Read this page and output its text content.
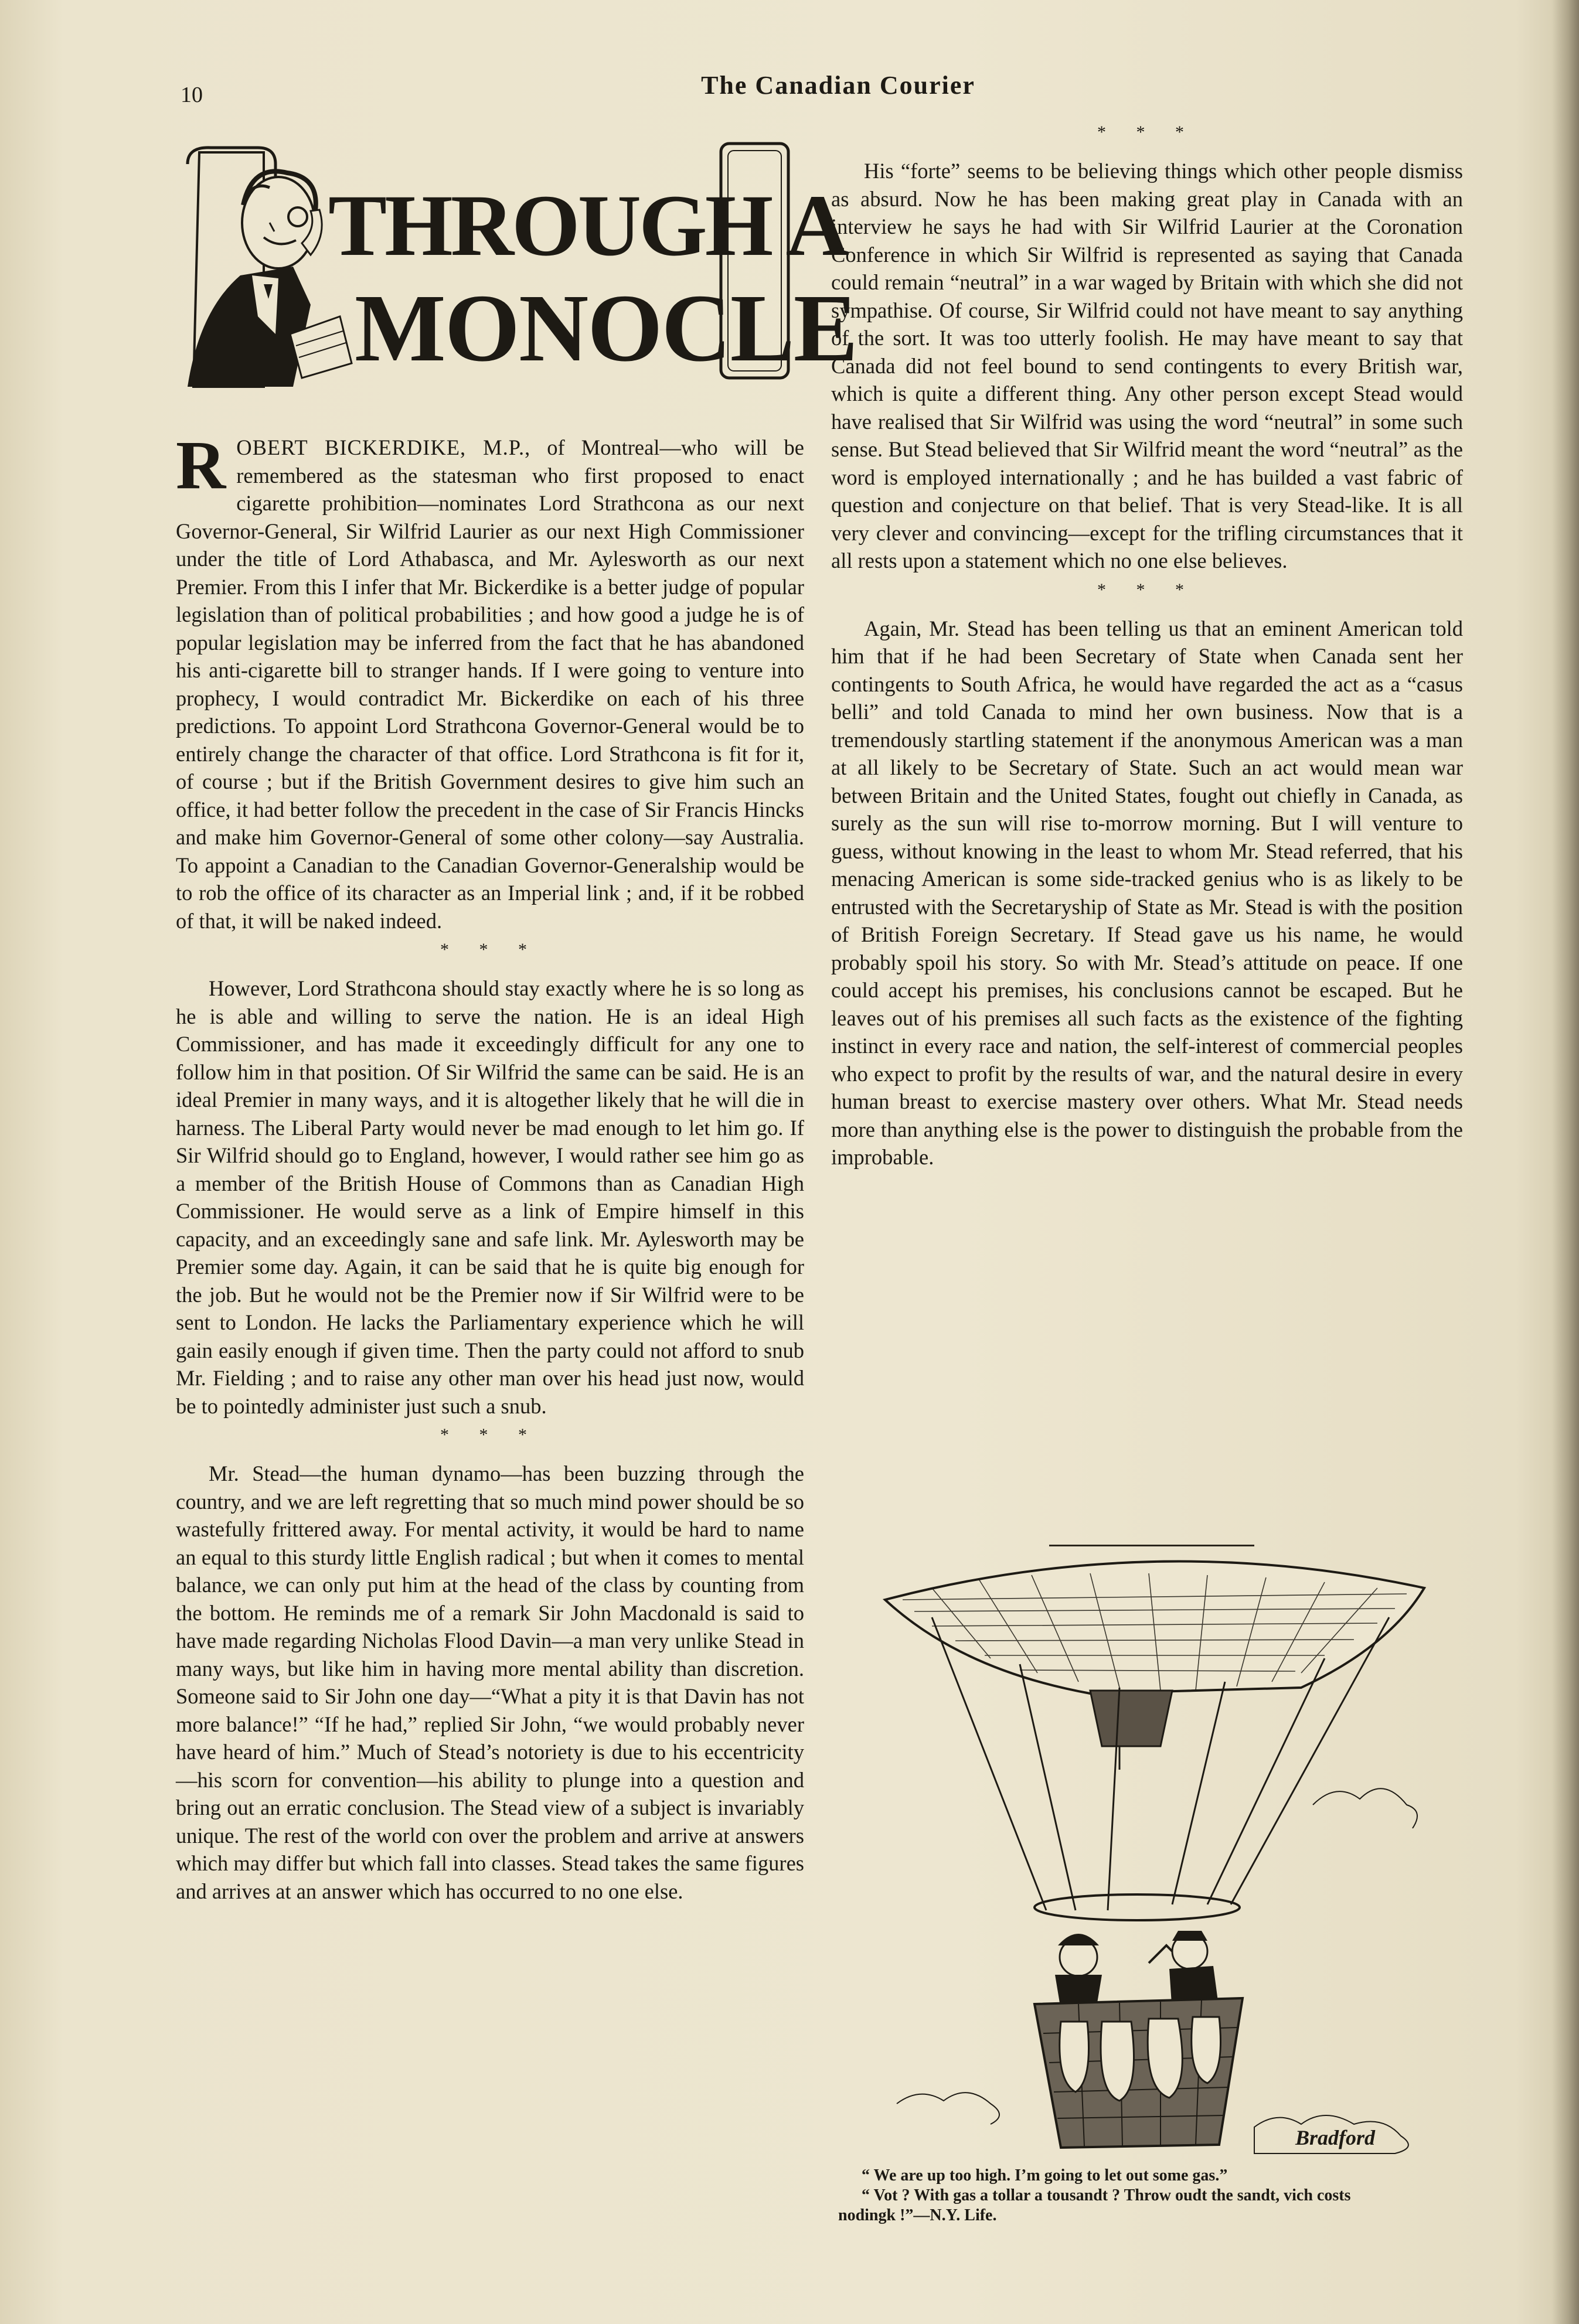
10	The Canadian Courier
THROUGH A
MONOCLE

ROBERT BICKERDIKE, M.P., of Montreal—who will be remembered as the statesman who first proposed to enact cigarette prohibition—nominates Lord Strathcona as our next Governor-General, Sir Wilfrid Laurier as our next High Commissioner under the title of Lord Athabasca, and Mr. Aylesworth as our next Premier. From this I infer that Mr. Bickerdike is a better judge of popular legislation than of political probabilities ; and how good a judge he is of popular legislation may be inferred from the fact that he has abandoned his anti-cigarette bill to stranger hands. If I were going to venture into prophecy, I would contradict Mr. Bickerdike on each of his three predictions. To appoint Lord Strathcona Governor-General would be to entirely change the character of that office. Lord Strathcona is fit for it, of course ; but if the British Government desires to give him such an office, it had better follow the precedent in the case of Sir Francis Hincks and make him Governor-General of some other colony—say Australia. To appoint a Canadian to the Canadian Governor-Generalship would be to rob the office of its character as an Imperial link ; and, if it be robbed of that, it will be naked indeed.

* * *

However, Lord Strathcona should stay exactly where he is so long as he is able and willing to serve the nation. He is an ideal High Commissioner, and has made it exceedingly difficult for any one to follow him in that position. Of Sir Wilfrid the same can be said. He is an ideal Premier in many ways, and it is altogether likely that he will die in harness. The Liberal Party would never be mad enough to let him go. If Sir Wilfrid should go to England, however, I would rather see him go as a member of the British House of Commons than as Canadian High Commissioner. He would serve as a link of Empire himself in this capacity, and an exceedingly sane and safe link. Mr. Aylesworth may be Premier some day. Again, it can be said that he is quite big enough for the job. But he would not be the Premier now if Sir Wilfrid were to be sent to London. He lacks the Parliamentary experience which he will gain easily enough if given time. Then the party could not afford to snub Mr. Fielding ; and to raise any other man over his head just now, would be to pointedly administer just such a snub.

* * *

Mr. Stead—the human dynamo—has been buzzing through the country, and we are left regretting that so much mind power should be so wastefully frittered away. For mental activity, it would be hard to name an equal to this sturdy little English radical ; but when it comes to mental balance, we can only put him at the head of the class by counting from the bottom. He reminds me of a remark Sir John Macdonald is said to have made regarding Nicholas Flood Davin—a man very unlike Stead in many ways, but like him in having more mental ability than discretion. Someone said to Sir John one day—“What a pity it is that Davin has not more balance!” “If he had,” replied Sir John, “we would probably never have heard of him.” Much of Stead’s notoriety is due to his eccentricity—his scorn for convention—his ability to plunge into a question and bring out an erratic conclusion. The Stead view of a subject is invariably unique. The rest of the world con over the problem and arrive at answers which may differ but which fall into classes. Stead takes the same figures and arrives at an answer which has occurred to no one else.

* * *

His “forte” seems to be believing things which other people dismiss as absurd. Now he has been making great play in Canada with an interview he says he had with Sir Wilfrid Laurier at the Coronation Conference in which Sir Wilfrid is represented as saying that Canada could remain “neutral” in a war waged by Britain with which she did not sympathise. Of course, Sir Wilfrid could not have meant to say anything of the sort. It was too utterly foolish. He may have meant to say that Canada did not feel bound to send contingents to every British war, which is quite a different thing. Any other person except Stead would have realised that Sir Wilfrid was using the word “neutral” in some such sense. But Stead believed that Sir Wilfrid meant the word “neutral” as the word is employed internationally ; and he has builded a vast fabric of question and conjecture on that belief. That is very Stead-like. It is all very clever and convincing—except for the trifling circumstances that it all rests upon a statement which no one else believes.

* * *

Again, Mr. Stead has been telling us that an eminent American told him that if he had been Secretary of State when Canada sent her contingents to South Africa, he would have regarded the act as a “casus belli” and told Canada to mind her own business. Now that is a tremendously startling statement if the anonymous American was a man at all likely to be Secretary of State. Such an act would mean war between Britain and the United States, fought out chiefly in Canada, as surely as the sun will rise to-morrow morning. But I will venture to guess, without knowing in the least to whom Mr. Stead referred, that his menacing American is some side-tracked genius who is as likely to be entrusted with the Secretaryship of State as Mr. Stead is with the position of British Foreign Secretary. If Stead gave us his name, he would probably spoil his story. So with Mr. Stead’s attitude on peace. If one could accept his premises, his conclusions cannot be escaped. But he leaves out of his premises all such facts as the existence of the fighting instinct in every race and nation, the self-interest of commercial peoples who expect to profit by the results of war, and the natural desire in every human breast to exercise mastery over others. What Mr. Stead needs more than anything else is the power to distinguish the probable from the improbable.

Bradford
“ We are up too high. I’m going to let out some gas.”
“ Vot ? With gas a tollar a tousandt ? Throw oudt the sandt, vich costs
nodingk !”—N.Y. Life.
